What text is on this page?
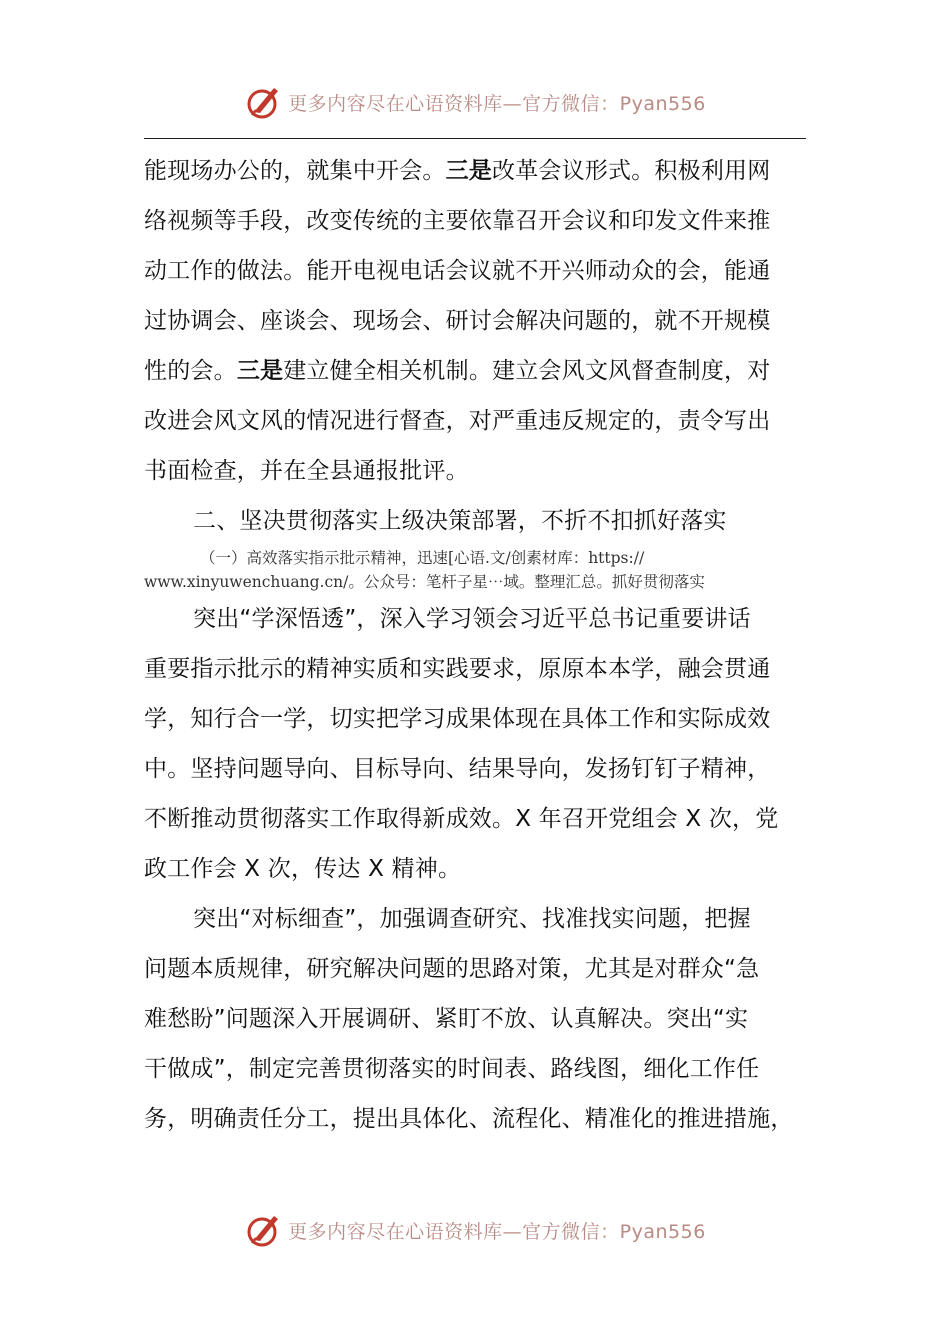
更多内容尽在心语资料库—官方微信：Pyan556
能现场办公的，就集中开会。三是改革会议形式。积极利用网
络视频等手段，改变传统的主要依靠召开会议和印发文件来推
动工作的做法。能开电视电话会议就不开兴师动众的会，能通
过协调会、座谈会、现场会、研讨会解决问题的，就不开规模
性的会。三是建立健全相关机制。建立会风文风督查制度，对
改进会风文风的情况进行督查，对严重违反规定的，责令写出
书面检查，并在全县通报批评。
二、坚决贯彻落实上级决策部署，不折不扣抓好落实
（一）高效落实指示批示精神，迅速[心语.文/创素材库：https://
www.xinyuwenchuang.cn/。公众号：笔杆子星⋯域。整理汇总。抓好贯彻落实
突出“学深悟透”，深入学习领会习近平总书记重要讲话
重要指示批示的精神实质和实践要求，原原本本学，融会贯通
学，知行合一学，切实把学习成果体现在具体工作和实际成效
中。坚持问题导向、目标导向、结果导向，发扬钉钉子精神，
不断推动贯彻落实工作取得新成效。X 年召开党组会 X 次，党
政工作会 X 次，传达 X 精神。
突出“对标细查”，加强调查研究、找准找实问题，把握
问题本质规律，研究解决问题的思路对策，尤其是对群众“急
难愁盼”问题深入开展调研、紧盯不放、认真解决。突出“实
干做成”，制定完善贯彻落实的时间表、路线图，细化工作任
务，明确责任分工，提出具体化、流程化、精准化的推进措施，
更多内容尽在心语资料库—官方微信：Pyan556
